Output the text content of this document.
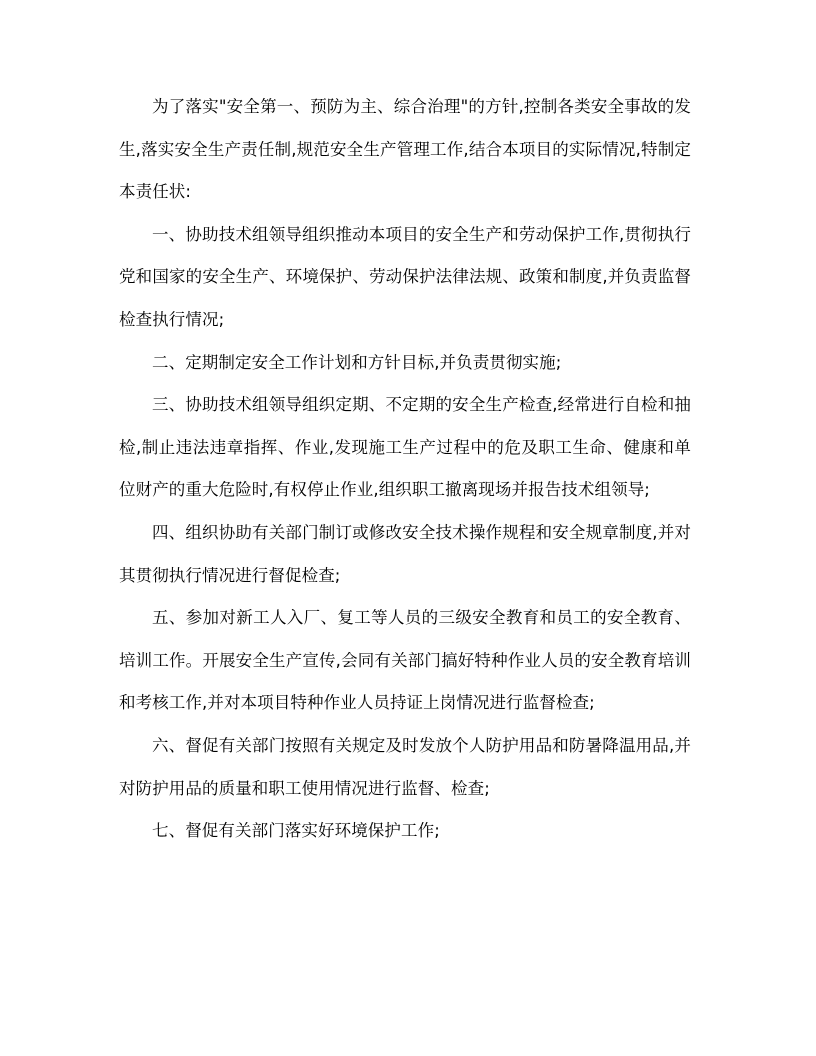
为了落实"安全第一、预防为主、综合治理"的方针,控制各类安全事故的发生,落实安全生产责任制,规范安全生产管理工作,结合本项目的实际情况,特制定本责任状:

一、协助技术组领导组织推动本项目的安全生产和劳动保护工作,贯彻执行党和国家的安全生产、环境保护、劳动保护法律法规、政策和制度,并负责监督检查执行情况;

二、定期制定安全工作计划和方针目标,并负责贯彻实施;

三、协助技术组领导组织定期、不定期的安全生产检查,经常进行自检和抽检,制止违法违章指挥、作业,发现施工生产过程中的危及职工生命、健康和单位财产的重大危险时,有权停止作业,组织职工撤离现场并报告技术组领导;

四、组织协助有关部门制订或修改安全技术操作规程和安全规章制度,并对其贯彻执行情况进行督促检查;

五、参加对新工人入厂、复工等人员的三级安全教育和员工的安全教育、培训工作。开展安全生产宣传,会同有关部门搞好特种作业人员的安全教育培训和考核工作,并对本项目特种作业人员持证上岗情况进行监督检查;

六、督促有关部门按照有关规定及时发放个人防护用品和防暑降温用品,并对防护用品的质量和职工使用情况进行监督、检查;

七、督促有关部门落实好环境保护工作;
